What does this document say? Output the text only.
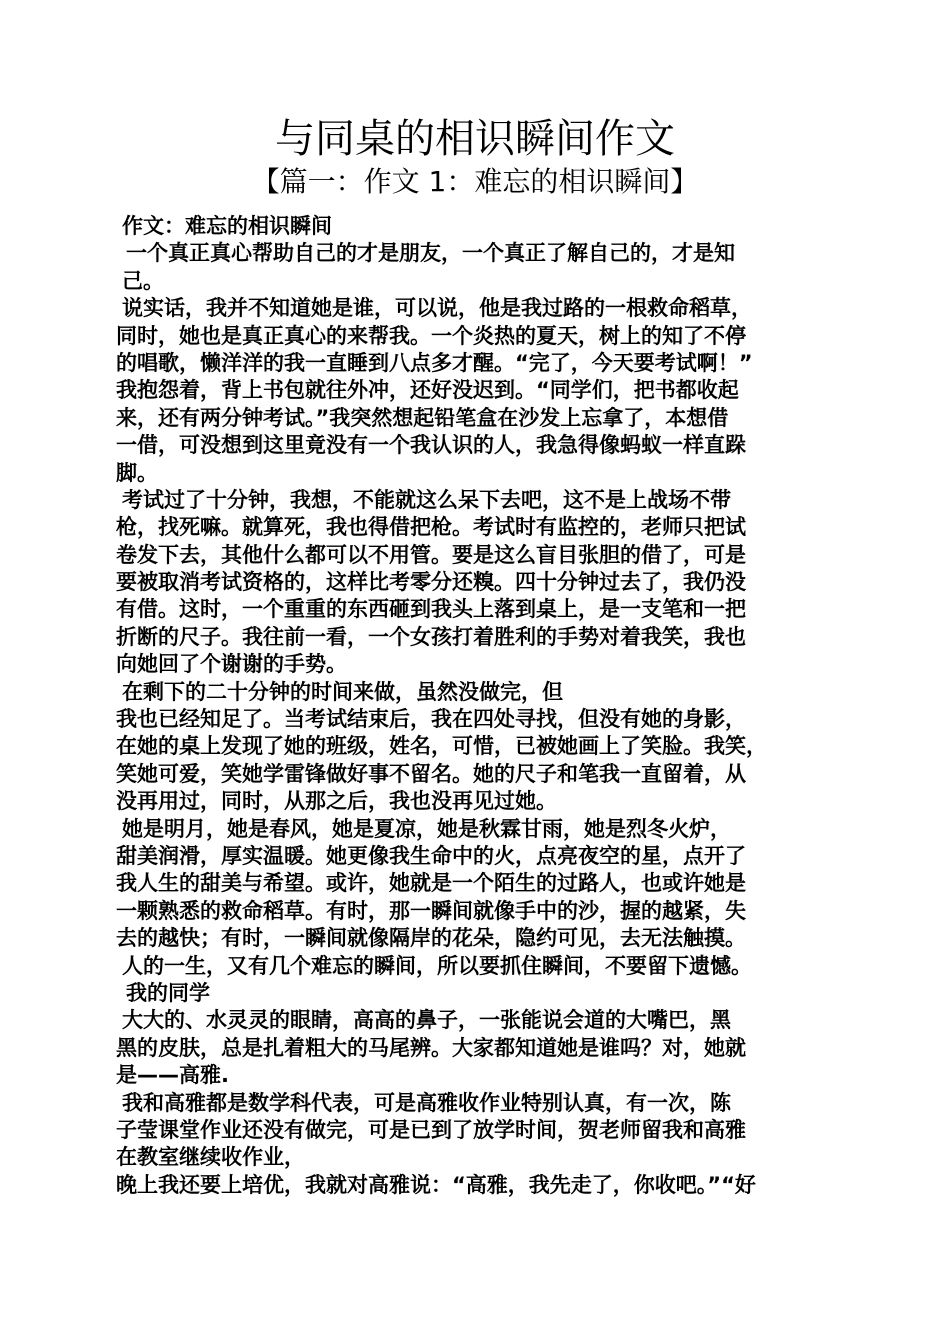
与同桌的相识瞬间作文
【篇一：作文 1：难忘的相识瞬间】
作文：难忘的相识瞬间
一个真正真心帮助自己的才是朋友，一个真正了解自己的，才是知
己。
说实话，我并不知道她是谁，可以说，他是我过路的一根救命稻草，
同时，她也是真正真心的来帮我。一个炎热的夏天，树上的知了不停
的唱歌，懒洋洋的我一直睡到八点多才醒。“完了，今天要考试啊！”
我抱怨着，背上书包就往外冲，还好没迟到。“同学们，把书都收起
来，还有两分钟考试。”我突然想起铅笔盒在沙发上忘拿了，本想借
一借，可没想到这里竟没有一个我认识的人，我急得像蚂蚁一样直跺
脚。
考试过了十分钟，我想，不能就这么呆下去吧，这不是上战场不带
枪，找死嘛。就算死，我也得借把枪。考试时有监控的，老师只把试
卷发下去，其他什么都可以不用管。要是这么盲目张胆的借了，可是
要被取消考试资格的，这样比考零分还糗。四十分钟过去了，我仍没
有借。这时，一个重重的东西砸到我头上落到桌上，是一支笔和一把
折断的尺子。我往前一看，一个女孩打着胜利的手势对着我笑，我也
向她回了个谢谢的手势。
在剩下的二十分钟的时间来做，虽然没做完，但
我也已经知足了。当考试结束后，我在四处寻找，但没有她的身影，
在她的桌上发现了她的班级，姓名，可惜，已被她画上了笑脸。我笑，
笑她可爱，笑她学雷锋做好事不留名。她的尺子和笔我一直留着，从
没再用过，同时，从那之后，我也没再见过她。
她是明月，她是春风，她是夏凉，她是秋霖甘雨，她是烈冬火炉，
甜美润滑，厚实温暖。她更像我生命中的火，点亮夜空的星，点开了
我人生的甜美与希望。或许，她就是一个陌生的过路人，也或许她是
一颗熟悉的救命稻草。有时，那一瞬间就像手中的沙，握的越紧，失
去的越快；有时，一瞬间就像隔岸的花朵，隐约可见，去无法触摸。
人的一生，又有几个难忘的瞬间，所以要抓住瞬间，不要留下遗憾。
我的同学
大大的、水灵灵的眼睛，高高的鼻子，一张能说会道的大嘴巴，黑
黑的皮肤，总是扎着粗大的马尾辨。大家都知道她是谁吗？对，她就
是——高雅.
我和高雅都是数学科代表，可是高雅收作业特别认真，有一次，陈
子莹课堂作业还没有做完，可是已到了放学时间，贺老师留我和高雅
在教室继续收作业，
晚上我还要上培优，我就对高雅说：“高雅，我先走了，你收吧。”“好
